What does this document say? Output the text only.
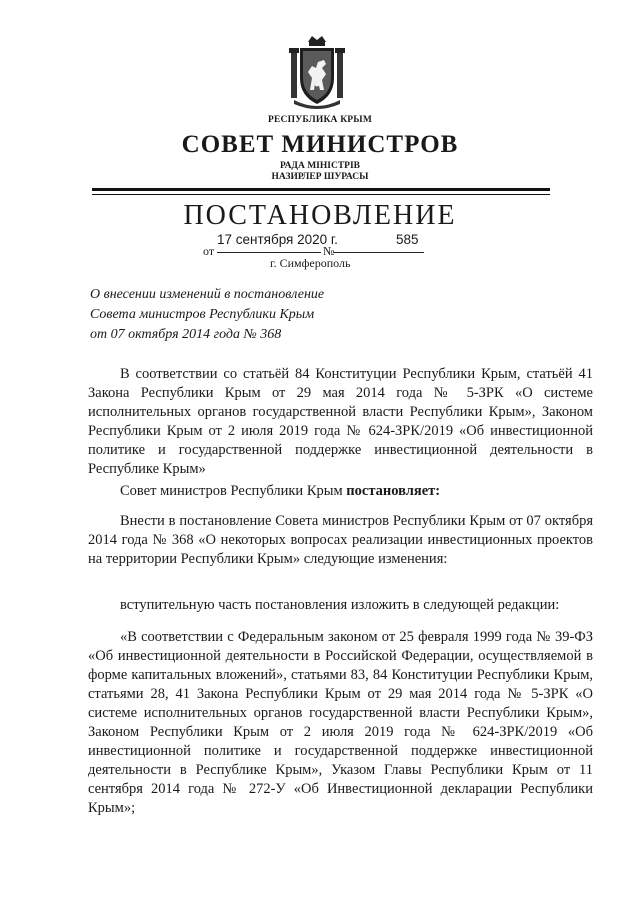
РЕСПУБЛИКА КРЫМ
СОВЕТ МИНИСТРОВ
РАДА МІНІСТРІВ
НАЗИРЛЕР ШУРАСЫ
ПОСТАНОВЛЕНИЕ
17 сентября 2020 г.	585
от	№
г. Симферополь
О внесении изменений в постановление
Совета министров Республики Крым
от 07 октября 2014 года № 368

В соответствии со статьёй 84 Конституции Республики Крым, статьёй 41 Закона Республики Крым от 29 мая 2014 года № 5-ЗРК «О системе исполнительных органов государственной власти Республики Крым», Законом Республики Крым от 2 июля 2019 года № 624-ЗРК/2019 «Об инвестиционной политике и государственной поддержке инвестиционной деятельности в Республике Крым»

Совет министров Республики Крым постановляет:

Внести в постановление Совета министров Республики Крым от 07 октября 2014 года № 368 «О некоторых вопросах реализации инвестиционных проектов на территории Республики Крым» следующие изменения:

вступительную часть постановления изложить в следующей редакции:

«В соответствии с Федеральным законом от 25 февраля 1999 года № 39-ФЗ «Об инвестиционной деятельности в Российской Федерации, осуществляемой в форме капитальных вложений», статьями 83, 84 Конституции Республики Крым, статьями 28, 41 Закона Республики Крым от 29 мая 2014 года № 5-ЗРК «О системе исполнительных органов государственной власти Республики Крым», Законом Республики Крым от 2 июля 2019 года № 624-ЗРК/2019 «Об инвестиционной политике и государственной поддержке инвестиционной деятельности в Республике Крым», Указом Главы Республики Крым от 11 сентября 2014 года № 272-У «Об Инвестиционной декларации Республики Крым»;
